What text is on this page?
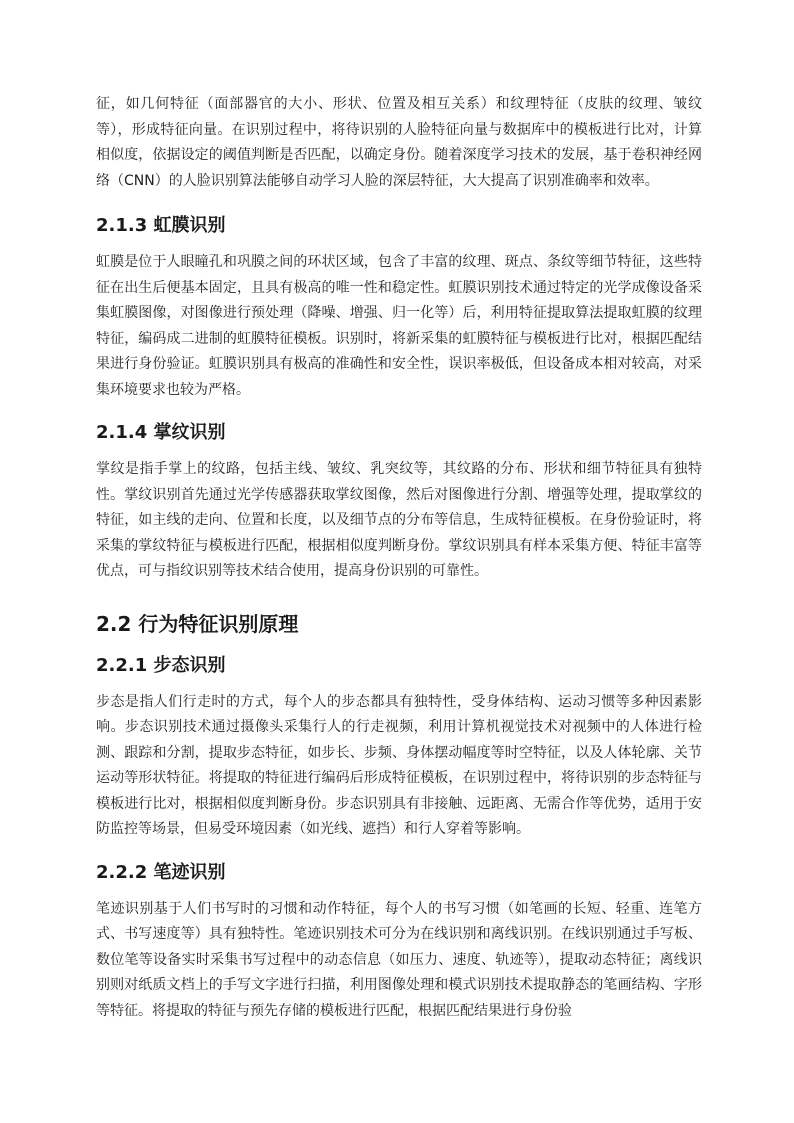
征，如几何特征（面部器官的大小、形状、位置及相互关系）和纹理特征（皮肤的纹理、皱纹等），形成特征向量。在识别过程中，将待识别的人脸特征向量与数据库中的模板进行比对，计算相似度，依据设定的阈值判断是否匹配，以确定身份。随着深度学习技术的发展，基于卷积神经网络（CNN）的人脸识别算法能够自动学习人脸的深层特征，大大提高了识别准确率和效率。

2.1.3 虹膜识别

虹膜是位于人眼瞳孔和巩膜之间的环状区域，包含了丰富的纹理、斑点、条纹等细节特征，这些特征在出生后便基本固定，且具有极高的唯一性和稳定性。虹膜识别技术通过特定的光学成像设备采集虹膜图像，对图像进行预处理（降噪、增强、归一化等）后，利用特征提取算法提取虹膜的纹理特征，编码成二进制的虹膜特征模板。识别时，将新采集的虹膜特征与模板进行比对，根据匹配结果进行身份验证。虹膜识别具有极高的准确性和安全性，误识率极低，但设备成本相对较高，对采集环境要求也较为严格。

2.1.4 掌纹识别

掌纹是指手掌上的纹路，包括主线、皱纹、乳突纹等，其纹路的分布、形状和细节特征具有独特性。掌纹识别首先通过光学传感器获取掌纹图像，然后对图像进行分割、增强等处理，提取掌纹的特征，如主线的走向、位置和长度，以及细节点的分布等信息，生成特征模板。在身份验证时，将采集的掌纹特征与模板进行匹配，根据相似度判断身份。掌纹识别具有样本采集方便、特征丰富等优点，可与指纹识别等技术结合使用，提高身份识别的可靠性。

2.2 行为特征识别原理
2.2.1 步态识别

步态是指人们行走时的方式，每个人的步态都具有独特性，受身体结构、运动习惯等多种因素影响。步态识别技术通过摄像头采集行人的行走视频，利用计算机视觉技术对视频中的人体进行检测、跟踪和分割，提取步态特征，如步长、步频、身体摆动幅度等时空特征，以及人体轮廓、关节运动等形状特征。将提取的特征进行编码后形成特征模板，在识别过程中，将待识别的步态特征与模板进行比对，根据相似度判断身份。步态识别具有非接触、远距离、无需合作等优势，适用于安防监控等场景，但易受环境因素（如光线、遮挡）和行人穿着等影响。

2.2.2 笔迹识别

笔迹识别基于人们书写时的习惯和动作特征，每个人的书写习惯（如笔画的长短、轻重、连笔方式、书写速度等）具有独特性。笔迹识别技术可分为在线识别和离线识别。在线识别通过手写板、数位笔等设备实时采集书写过程中的动态信息（如压力、速度、轨迹等），提取动态特征；离线识别则对纸质文档上的手写文字进行扫描，利用图像处理和模式识别技术提取静态的笔画结构、字形等特征。将提取的特征与预先存储的模板进行匹配，根据匹配结果进行身份验
